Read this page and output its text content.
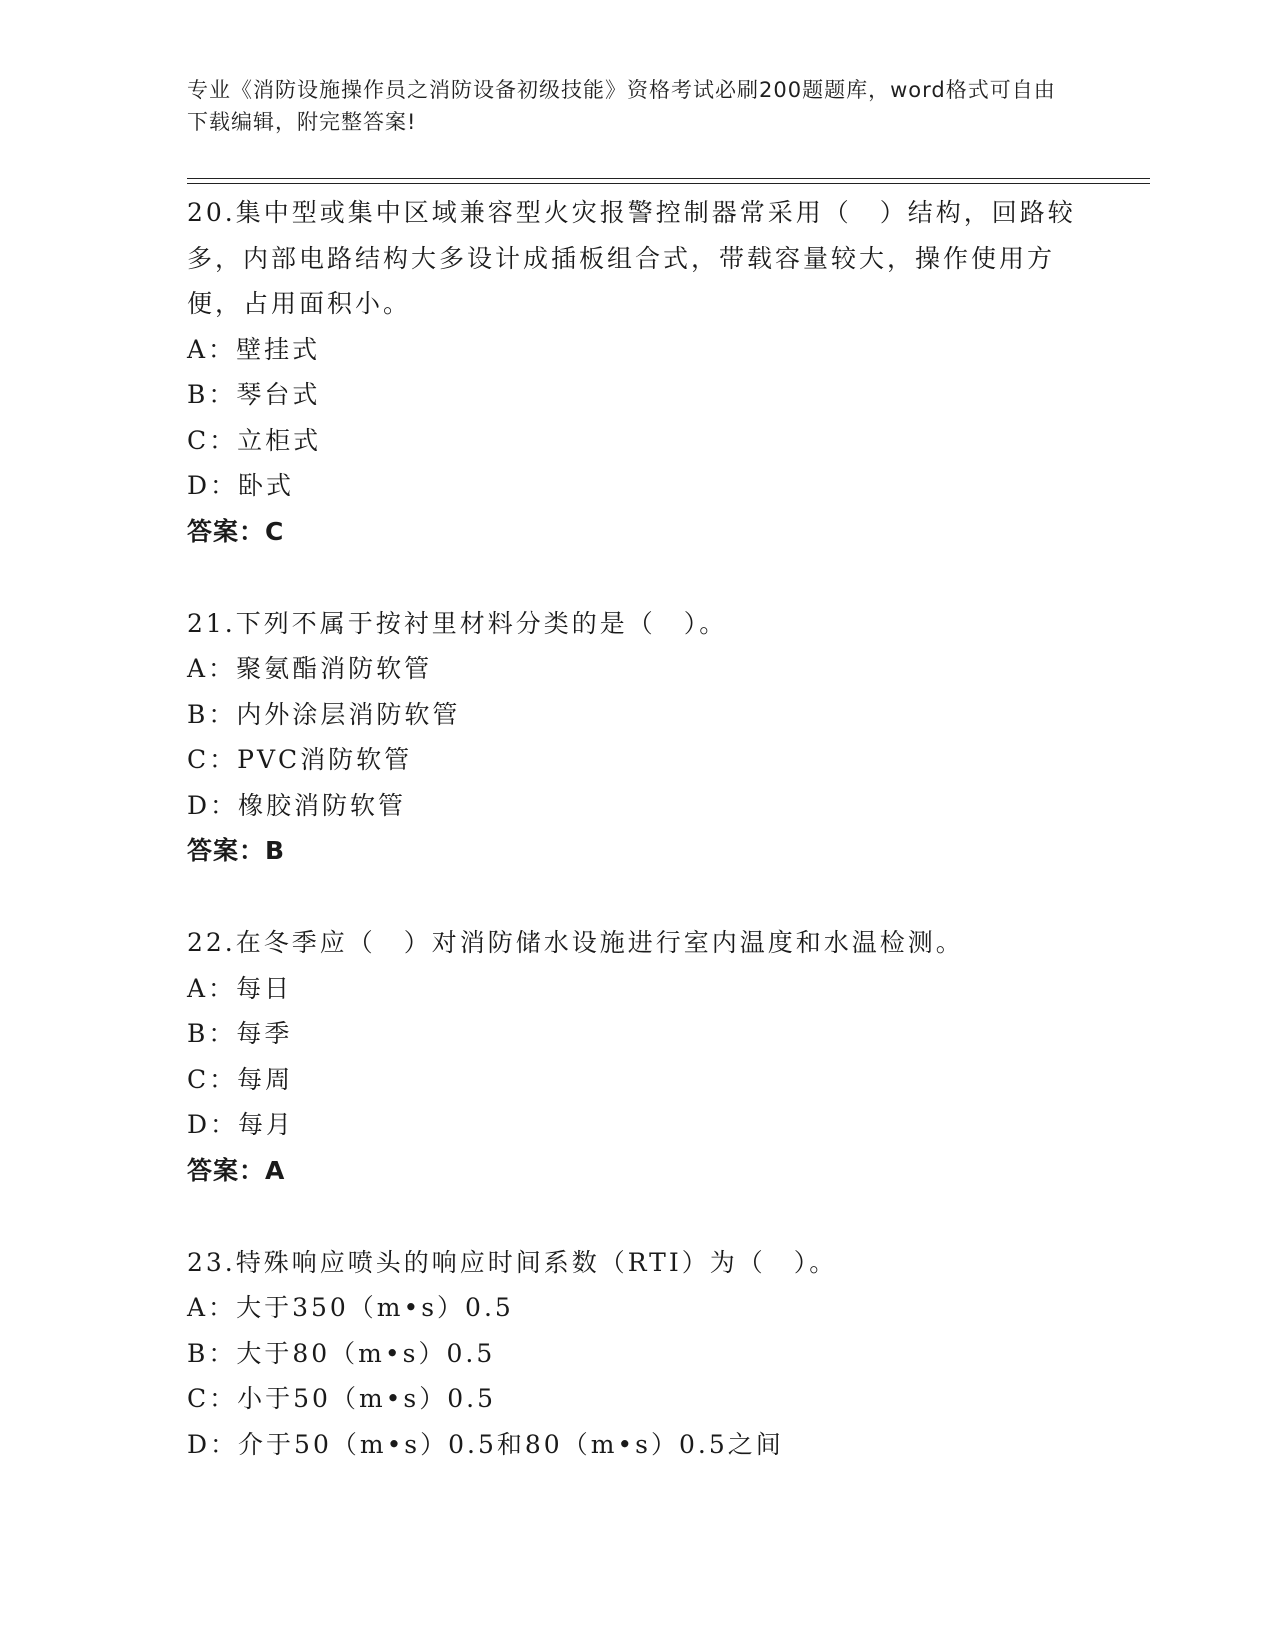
专业《消防设施操作员之消防设备初级技能》资格考试必刷200题题库，word格式可自由下载编辑，附完整答案!

20.集中型或集中区域兼容型火灾报警控制器常采用（　）结构，回路较多，内部电路结构大多设计成插板组合式，带载容量较大，操作使用方便，占用面积小。

A：壁挂式

B：琴台式

C：立柜式

D：卧式

答案：C

21.下列不属于按衬里材料分类的是（　）。

A：聚氨酯消防软管

B：内外涂层消防软管

C：PVC消防软管

D：橡胶消防软管

答案：B

22.在冬季应（　）对消防储水设施进行室内温度和水温检测。

A：每日

B：每季

C：每周

D：每月

答案：A

23.特殊响应喷头的响应时间系数（RTI）为（　）。

A：大于350（m•s）0.5

B：大于80（m•s）0.5

C：小于50（m•s）0.5

D：介于50（m•s）0.5和80（m•s）0.5之间
